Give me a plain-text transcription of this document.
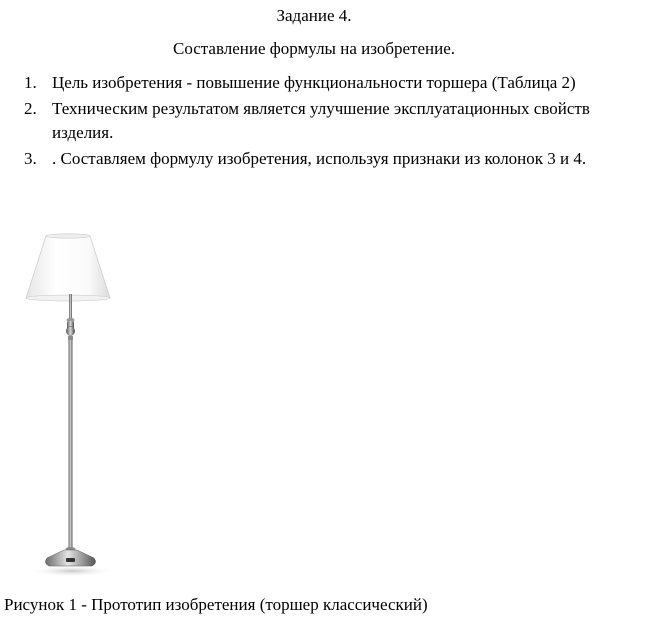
Задание 4.
Составление формулы на изобретение.
1. Цель изобретения - повышение функциональности торшера (Таблица 2)
2. Техническим результатом является улучшение эксплуатационных свойств изделия.
3. . Составляем формулу изобретения, используя признаки из колонок 3 и 4.
Рисунок 1 - Прототип изобретения (торшер классический)
